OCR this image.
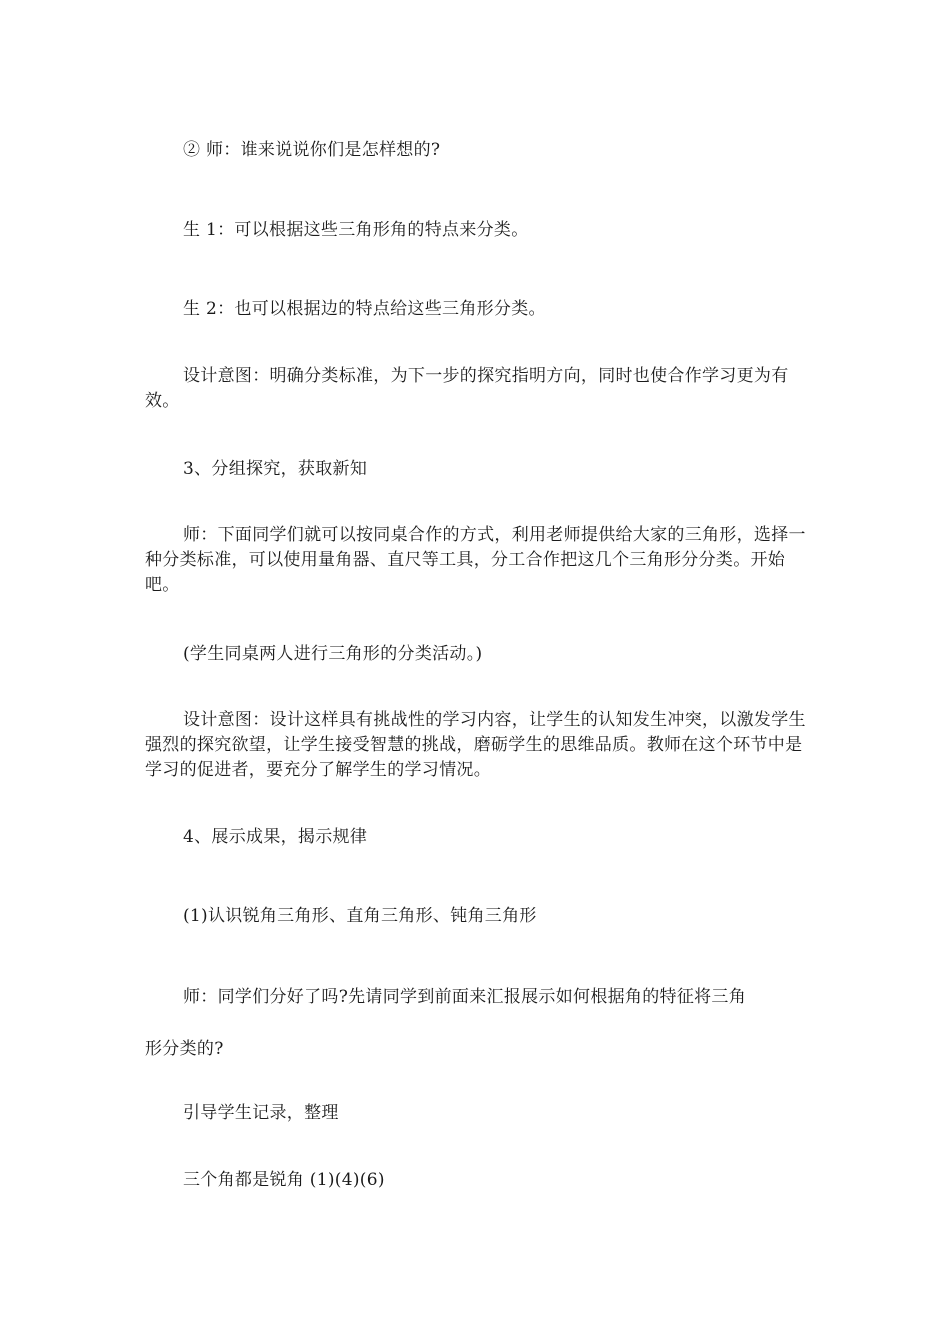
② 师：谁来说说你们是怎样想的?

生 1：可以根据这些三角形角的特点来分类。

生 2：也可以根据边的特点给这些三角形分类。

设计意图：明确分类标准，为下一步的探究指明方向，同时也使合作学习更为有效。

3、分组探究，获取新知

师：下面同学们就可以按同桌合作的方式，利用老师提供给大家的三角形，选择一种分类标准，可以使用量角器、直尺等工具，分工合作把这几个三角形分分类。开始吧。

(学生同桌两人进行三角形的分类活动。)

设计意图：设计这样具有挑战性的学习内容，让学生的认知发生冲突，以激发学生强烈的探究欲望，让学生接受智慧的挑战，磨砺学生的思维品质。教师在这个环节中是学习的促进者，要充分了解学生的学习情况。

4、展示成果，揭示规律

(1)认识锐角三角形、直角三角形、钝角三角形

师：同学们分好了吗?先请同学到前面来汇报展示如何根据角的特征将三角

形分类的?

引导学生记录，整理

三个角都是锐角 (1)(4)(6)
